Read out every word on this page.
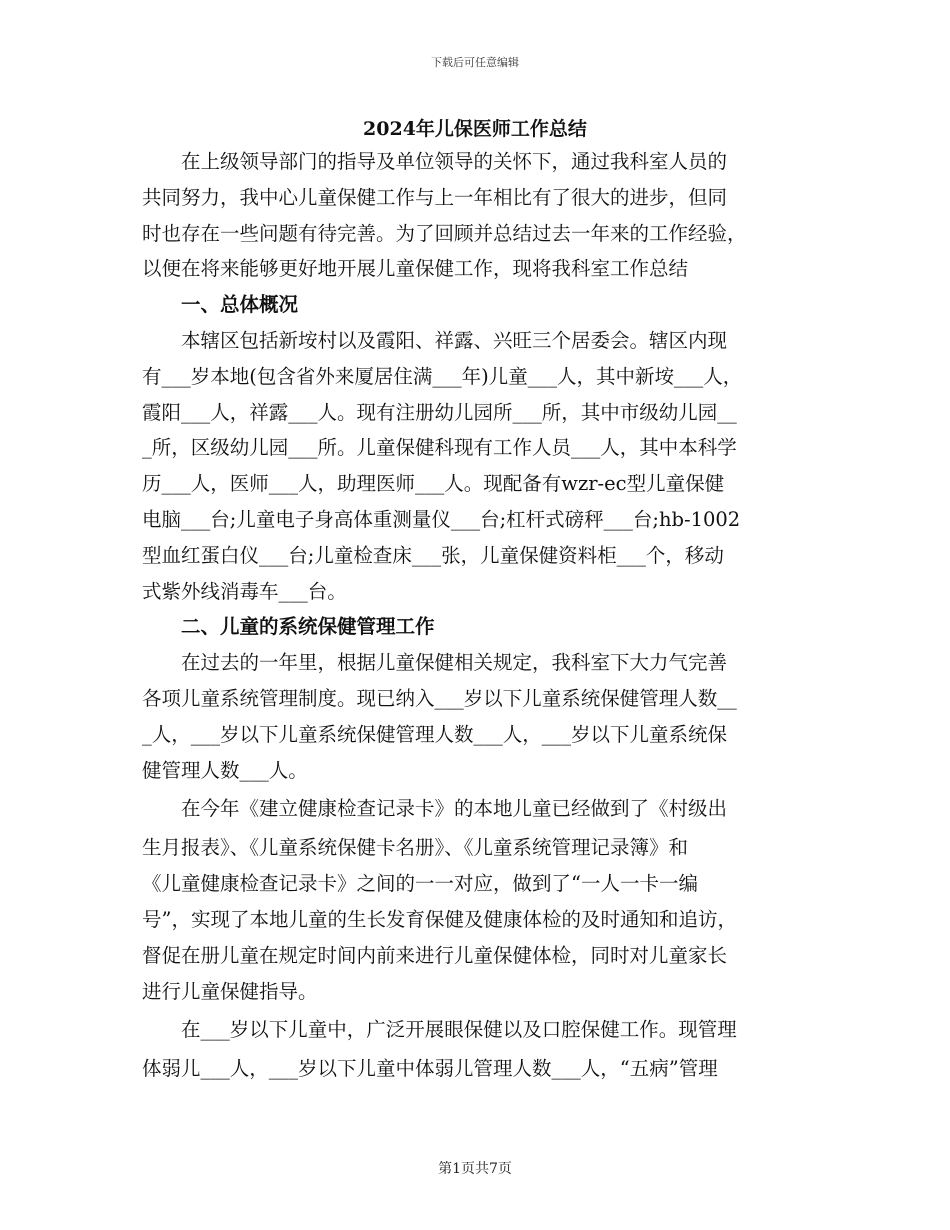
下载后可任意编辑
2024年儿保医师工作总结
　　在上级领导部门的指导及单位领导的关怀下，通过我科室人员的
共同努力，我中心儿童保健工作与上一年相比有了很大的进步，但同
时也存在一些问题有待完善。为了回顾并总结过去一年来的工作经验，
以便在将来能够更好地开展儿童保健工作，现将我科室工作总结
　　一、总体概况
　　本辖区包括新垵村以及霞阳、祥露、兴旺三个居委会。辖区内现
有___岁本地(包含省外来厦居住满___年)儿童___人，其中新垵___人，
霞阳___人，祥露___人。现有注册幼儿园所___所，其中市级幼儿园__
_所，区级幼儿园___所。儿童保健科现有工作人员___人，其中本科学
历___人，医师___人，助理医师___人。现配备有wzr-ec型儿童保健
电脑___台;儿童电子身高体重测量仪___台;杠杆式磅秤___台;hb-1002
型血红蛋白仪___台;儿童检查床___张，儿童保健资料柜___个，移动
式紫外线消毒车___台。
　　二、儿童的系统保健管理工作
　　在过去的一年里，根据儿童保健相关规定，我科室下大力气完善
各项儿童系统管理制度。现已纳入___岁以下儿童系统保健管理人数__
_人，___岁以下儿童系统保健管理人数___人，___岁以下儿童系统保
健管理人数___人。
　　在今年《建立健康检查记录卡》的本地儿童已经做到了《村级出
生月报表》、《儿童系统保健卡名册》、《儿童系统管理记录簿》和
《儿童健康检查记录卡》之间的一一对应，做到了“一人一卡一编
号”，实现了本地儿童的生长发育保健及健康体检的及时通知和追访，
督促在册儿童在规定时间内前来进行儿童保健体检，同时对儿童家长
进行儿童保健指导。
　　在___岁以下儿童中，广泛开展眼保健以及口腔保健工作。现管理
体弱儿___人，___岁以下儿童中体弱儿管理人数___人，“五病”管理
第1页共7页
